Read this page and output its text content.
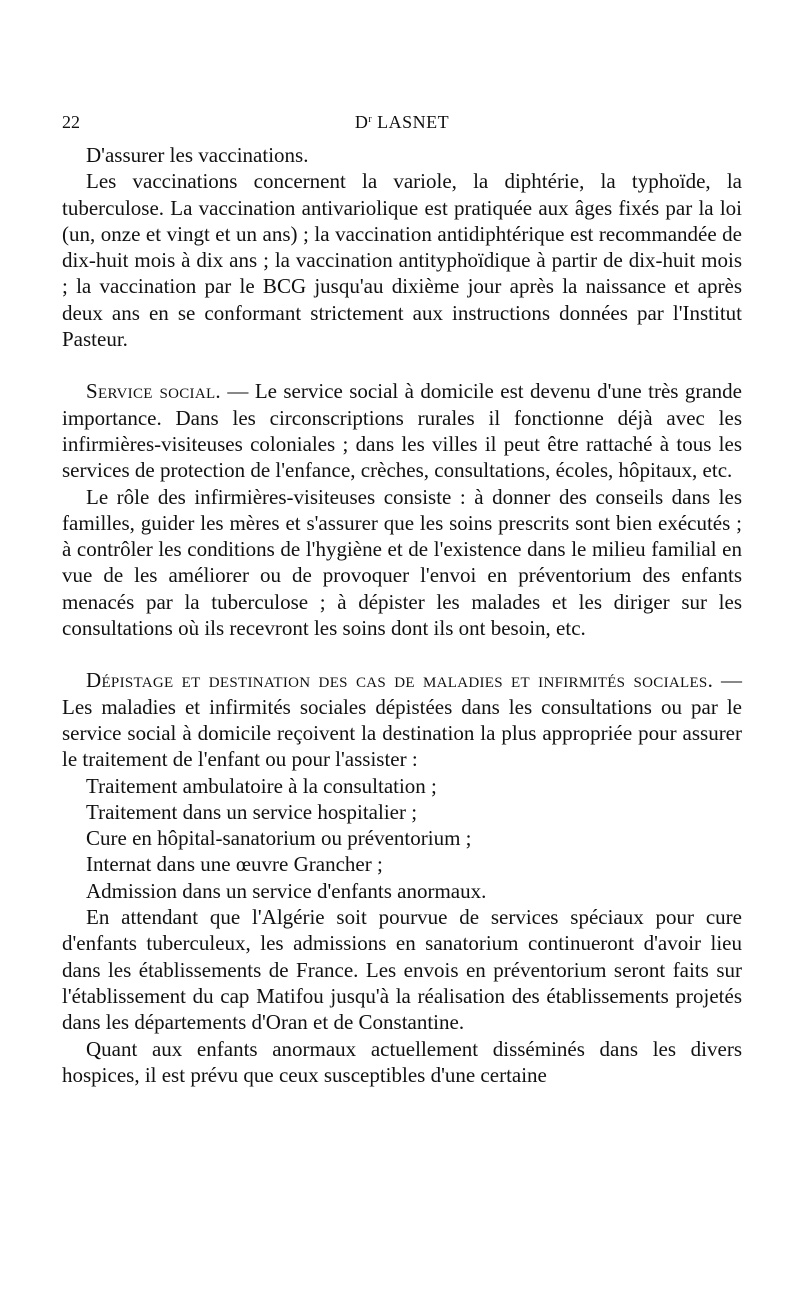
22	$D^r$ LASNET

D'assurer les vaccinations.

Les vaccinations concernent la variole, la diphtérie, la typhoïde, la tuberculose. La vaccination antivariolique est pratiquée aux âges fixés par la loi (un, onze et vingt et un ans) ; la vaccination antidiphtérique est recommandée de dix-huit mois à dix ans ; la vaccination antityphoïdique à partir de dix-huit mois ; la vaccination par le BCG jusqu'au dixième jour après la naissance et après deux ans en se conformant strictement aux instructions données par l'Institut Pasteur.

Service social. — Le service social à domicile est devenu d'une très grande importance. Dans les circonscriptions rurales il fonctionne déjà avec les infirmières-visiteuses coloniales ; dans les villes il peut être rattaché à tous les services de protection de l'enfance, crèches, consultations, écoles, hôpitaux, etc.

Le rôle des infirmières-visiteuses consiste : à donner des conseils dans les familles, guider les mères et s'assurer que les soins prescrits sont bien exécutés ; à contrôler les conditions de l'hygiène et de l'existence dans le milieu familial en vue de les améliorer ou de provoquer l'envoi en préventorium des enfants menacés par la tuberculose ; à dépister les malades et les diriger sur les consultations où ils recevront les soins dont ils ont besoin, etc.

Dépistage et destination des cas de maladies et infirmités sociales. — Les maladies et infirmités sociales dépistées dans les consultations ou par le service social à domicile reçoivent la destination la plus appropriée pour assurer le traitement de l'enfant ou pour l'assister :

Traitement ambulatoire à la consultation ;

Traitement dans un service hospitalier ;

Cure en hôpital-sanatorium ou préventorium ;

Internat dans une œuvre Grancher ;

Admission dans un service d'enfants anormaux.

En attendant que l'Algérie soit pourvue de services spéciaux pour cure d'enfants tuberculeux, les admissions en sanatorium continueront d'avoir lieu dans les établissements de France. Les envois en préventorium seront faits sur l'établissement du cap Matifou jusqu'à la réalisation des établissements projetés dans les départements d'Oran et de Constantine.

Quant aux enfants anormaux actuellement disséminés dans les divers hospices, il est prévu que ceux susceptibles d'une certaine
